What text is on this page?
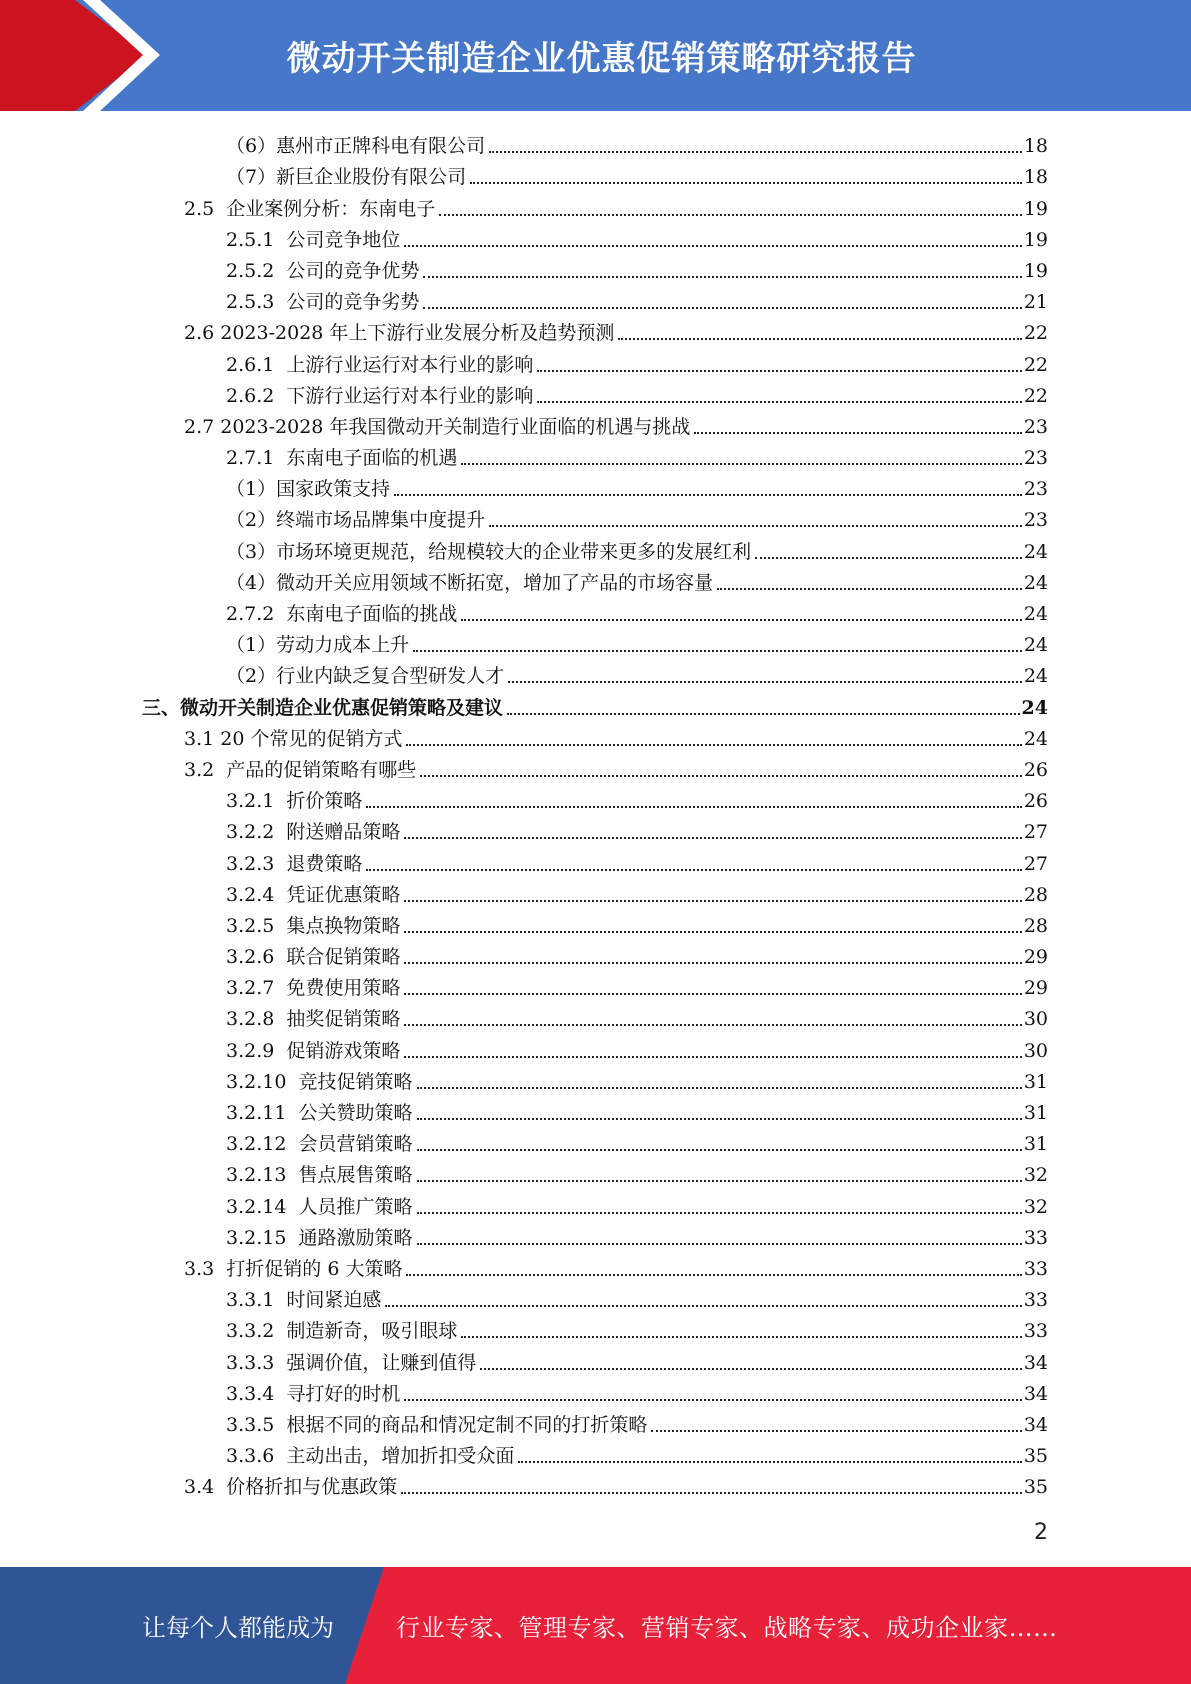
微动开关制造企业优惠促销策略研究报告
（6）惠州市正牌科电有限公司	18
（7）新巨企业股份有限公司	18
2.5  企业案例分析：东南电子	19
2.5.1  公司竞争地位	19
2.5.2  公司的竞争优势	19
2.5.3  公司的竞争劣势	21
2.6 2023-2028 年上下游行业发展分析及趋势预测	22
2.6.1  上游行业运行对本行业的影响	22
2.6.2  下游行业运行对本行业的影响	22
2.7 2023-2028 年我国微动开关制造行业面临的机遇与挑战	23
2.7.1  东南电子面临的机遇	23
（1）国家政策支持	23
（2）终端市场品牌集中度提升	23
（3）市场环境更规范，给规模较大的企业带来更多的发展红利	24
（4）微动开关应用领域不断拓宽，增加了产品的市场容量	24
2.7.2  东南电子面临的挑战	24
（1）劳动力成本上升	24
（2）行业内缺乏复合型研发人才	24
三、微动开关制造企业优惠促销策略及建议	24
3.1 20 个常见的促销方式	24
3.2  产品的促销策略有哪些	26
3.2.1  折价策略	26
3.2.2  附送赠品策略	27
3.2.3  退费策略	27
3.2.4  凭证优惠策略	28
3.2.5  集点换物策略	28
3.2.6  联合促销策略	29
3.2.7  免费使用策略	29
3.2.8  抽奖促销策略	30
3.2.9  促销游戏策略	30
3.2.10  竞技促销策略	31
3.2.11  公关赞助策略	31
3.2.12  会员营销策略	31
3.2.13  售点展售策略	32
3.2.14  人员推广策略	32
3.2.15  通路激励策略	33
3.3  打折促销的 6 大策略	33
3.3.1  时间紧迫感	33
3.3.2  制造新奇，吸引眼球	33
3.3.3  强调价值，让赚到值得	34
3.3.4  寻打好的时机	34
3.3.5  根据不同的商品和情况定制不同的打折策略	34
3.3.6  主动出击，增加折扣受众面	35
3.4  价格折扣与优惠政策	35
2
让每个人都能成为	行业专家、管理专家、营销专家、战略专家、成功企业家……
